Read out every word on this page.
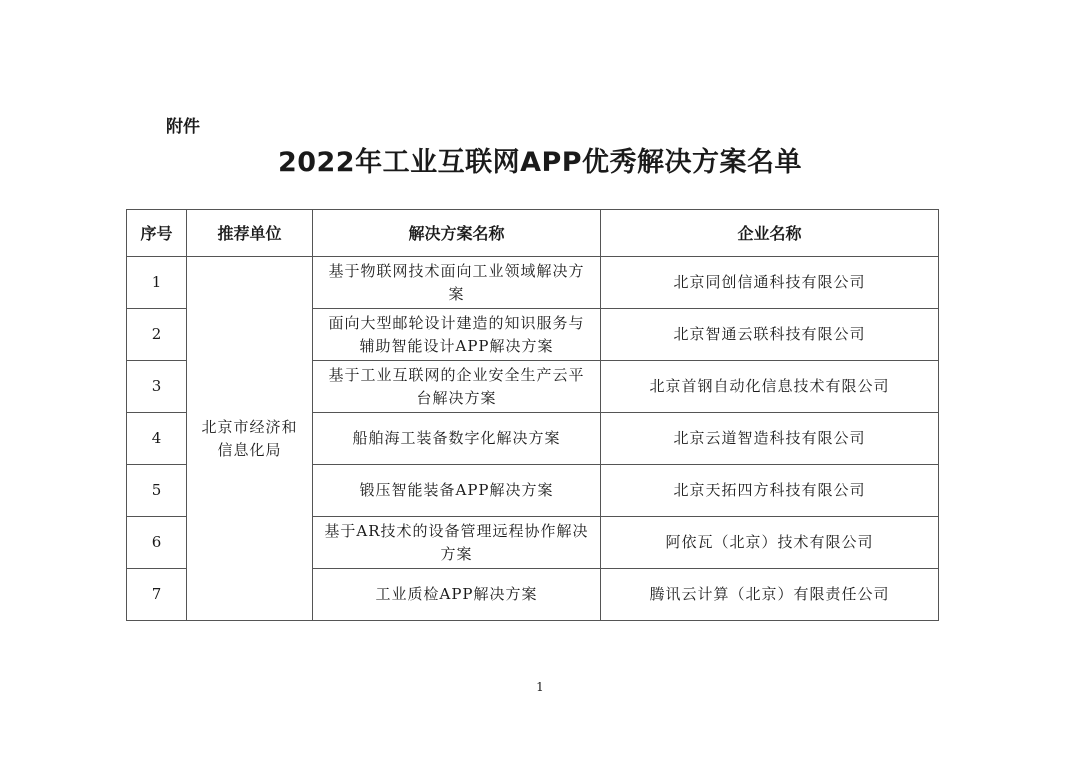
附件
2022年工业互联网APP优秀解决方案名单
序号	推荐单位	解决方案名称	企业名称
1	北京市经济和信息化局	基于物联网技术面向工业领域解决方案	北京同创信通科技有限公司
2		面向大型邮轮设计建造的知识服务与辅助智能设计APP解决方案	北京智通云联科技有限公司
3		基于工业互联网的企业安全生产云平台解决方案	北京首钢自动化信息技术有限公司
4		船舶海工装备数字化解决方案	北京云道智造科技有限公司
5		锻压智能装备APP解决方案	北京天拓四方科技有限公司
6		基于AR技术的设备管理远程协作解决方案	阿依瓦（北京）技术有限公司
7		工业质检APP解决方案	腾讯云计算（北京）有限责任公司
1
